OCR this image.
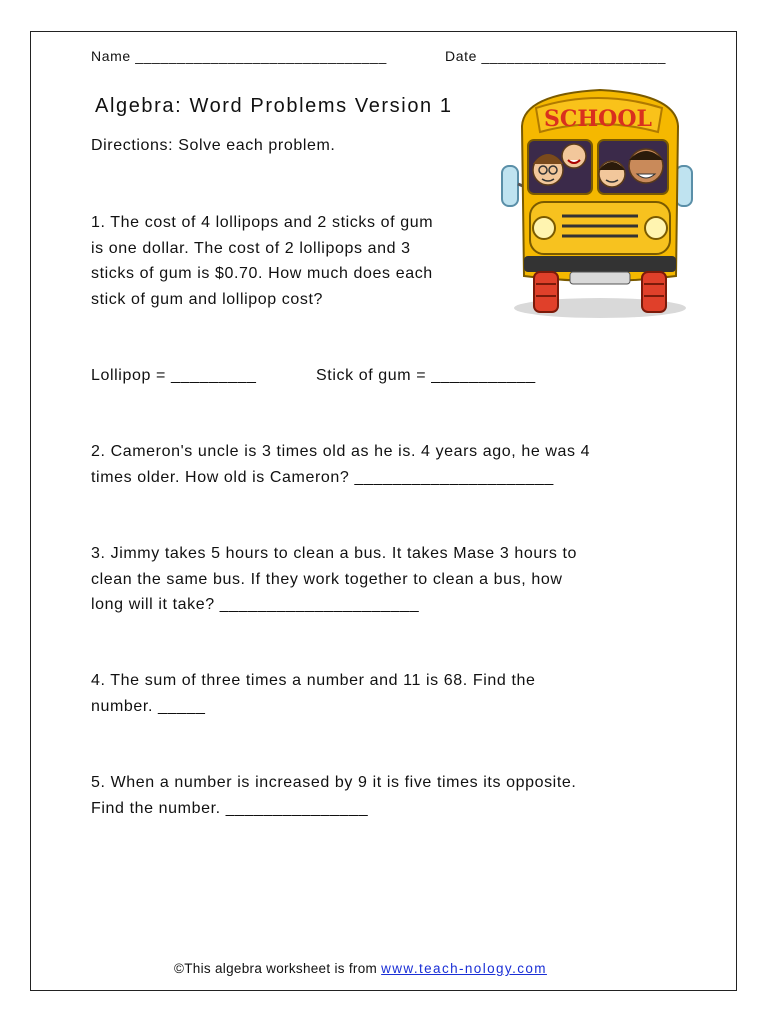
Name ______________________________	Date ______________________
Algebra: Word Problems Version 1
Directions: Solve each problem.
SCHOOL
1. The cost of 4 lollipops and 2 sticks of gum
is one dollar. The cost of 2 lollipops and 3
sticks of gum is $0.70. How much does each
stick of gum and lollipop cost?
Lollipop = _________	Stick of gum = ___________
2. Cameron's uncle is 3 times old as he is. 4 years ago, he was 4
times older. How old is Cameron? _____________________
3. Jimmy takes 5 hours to clean a bus. It takes Mase 3 hours to
clean the same bus. If they work together to clean a bus, how
long will it take? _____________________
4. The sum of three times a number and 11 is 68. Find the
number. _____
5. When a number is increased by 9 it is five times its opposite.
Find the number. _______________
©This algebra worksheet is from www.teach-nology.com
